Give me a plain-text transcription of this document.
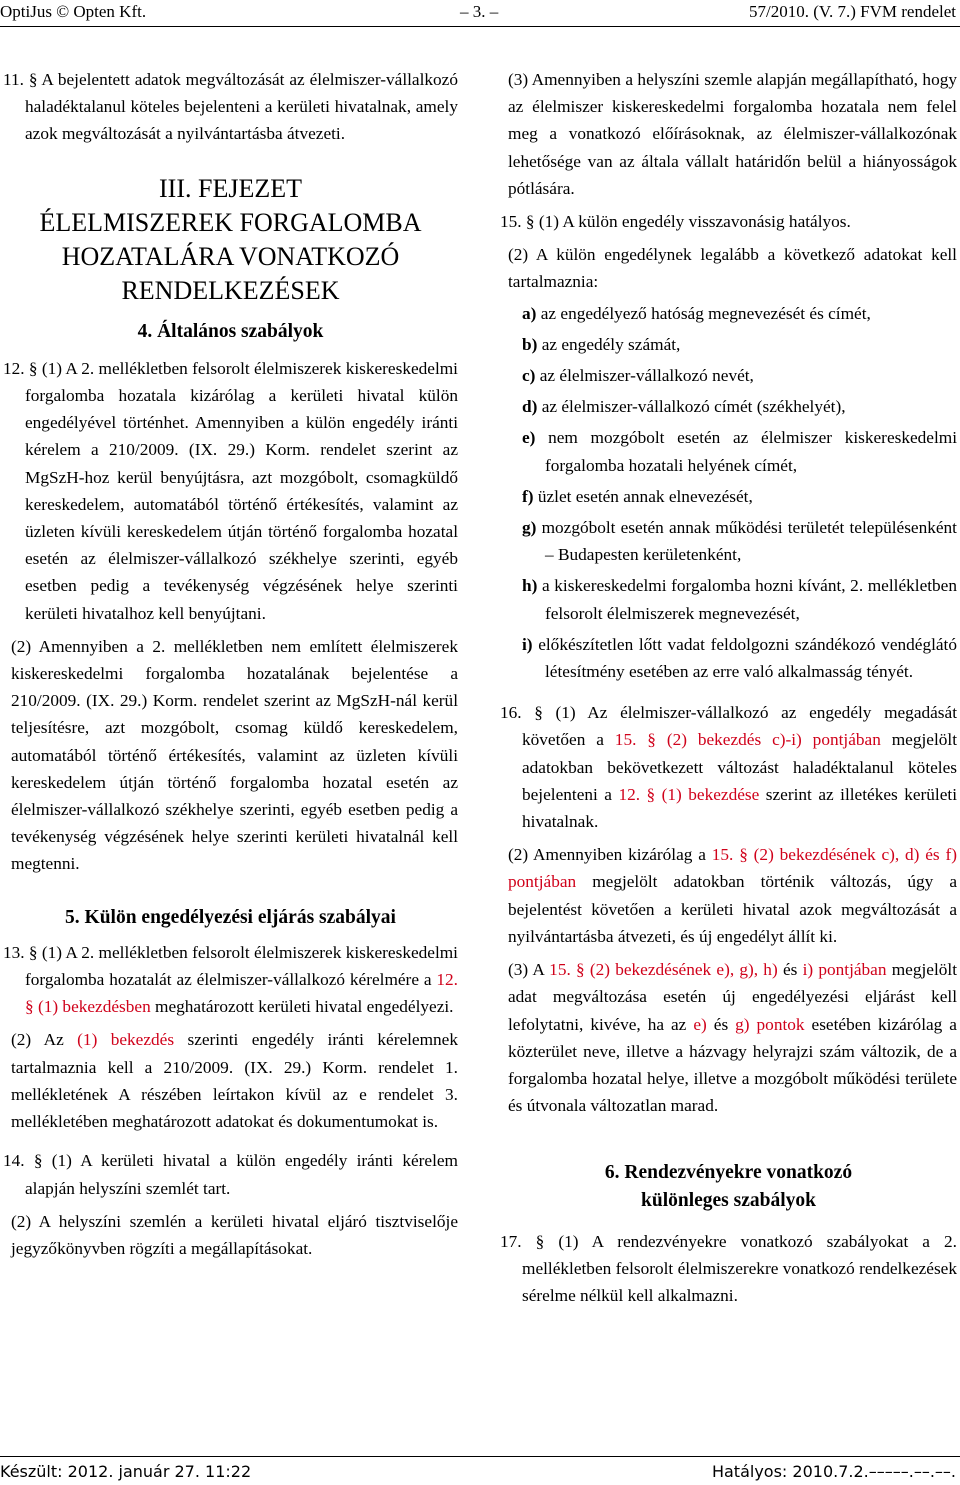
OptiJus © Opten Kft.	– 3. –	57/2010. (V. 7.) FVM rendelet

11. § A bejelentett adatok megváltozását az élelmiszer-vállalkozó haladéktalanul köteles bejelenteni a kerületi hivatalnak, amely azok megváltozását a nyilvántartásba átvezeti.

III. FEJEZET
ÉLELMISZEREK FORGALOMBA
HOZATALÁRA VONATKOZÓ
RENDELKEZÉSEK
4. Általános szabályok

12. § (1) A 2. mellékletben felsorolt élelmiszerek kiskereskedelmi forgalomba hozatala kizárólag a kerületi hivatal külön engedélyével történhet. Amennyiben a külön engedély iránti kérelem a 210/2009. (IX. 29.) Korm. rendelet szerint az MgSzH-hoz kerül benyújtásra, azt mozgóbolt, csomagküldő kereskedelem, automatából történő értékesítés, valamint az üzleten kívüli kereskedelem útján történő forgalomba hozatal esetén az élelmiszer-vállalkozó székhelye szerinti, egyéb esetben pedig a tevékenység végzésének helye szerinti kerületi hivatalhoz kell benyújtani.

(2) Amennyiben a 2. mellékletben nem említett élelmiszerek kiskereskedelmi forgalomba hozatalának bejelentése a 210/2009. (IX. 29.) Korm. rendelet szerint az MgSzH-nál kerül teljesítésre, azt mozgóbolt, csomag küldő kereskedelem, automatából történő értékesítés, valamint az üzleten kívüli kereskedelem útján történő forgalomba hozatal esetén az élelmiszer-vállalkozó székhelye szerinti, egyéb esetben pedig a tevékenység végzésének helye szerinti kerületi hivatalnál kell megtenni.

5. Külön engedélyezési eljárás szabályai

13. § (1) A 2. mellékletben felsorolt élelmiszerek kiskereskedelmi forgalomba hozatalát az élelmiszer-vállalkozó kérelmére a 12. § (1) bekezdésben meghatározott kerületi hivatal engedélyezi.

(2) Az (1) bekezdés szerinti engedély iránti kérelemnek tartalmaznia kell a 210/2009. (IX. 29.) Korm. rendelet 1. mellékletének A részében leírtakon kívül az e rendelet 3. mellékletében meghatározott adatokat és dokumentumokat is.

14. § (1) A kerületi hivatal a külön engedély iránti kérelem alapján helyszíni szemlét tart.

(2) A helyszíni szemlén a kerületi hivatal eljáró tisztviselője jegyzőkönyvben rögzíti a megállapításokat.

(3) Amennyiben a helyszíni szemle alapján megállapítható, hogy az élelmiszer kiskereskedelmi forgalomba hozatala nem felel meg a vonatkozó előírásoknak, az élelmiszer-vállalkozónak lehetősége van az általa vállalt határidőn belül a hiányosságok pótlására.

15. § (1) A külön engedély visszavonásig hatályos.

(2) A külön engedélynek legalább a következő adatokat kell tartalmaznia:

a) az engedélyező hatóság megnevezését és címét,

b) az engedély számát,

c) az élelmiszer-vállalkozó nevét,

d) az élelmiszer-vállalkozó címét (székhelyét),

e) nem mozgóbolt esetén az élelmiszer kiskereskedelmi forgalomba hozatali helyének címét,

f) üzlet esetén annak elnevezését,

g) mozgóbolt esetén annak működési területét településenként – Budapesten kerületenként,

h) a kiskereskedelmi forgalomba hozni kívánt, 2. mellékletben felsorolt élelmiszerek megnevezését,

i) előkészítetlen lőtt vadat feldolgozni szándékozó vendéglátó létesítmény esetében az erre való alkalmasság tényét.

16. § (1) Az élelmiszer-vállalkozó az engedély megadását követően a 15. § (2) bekezdés c)-i) pontjában megjelölt adatokban bekövetkezett változást haladéktalanul köteles bejelenteni a 12. § (1) bekezdése szerint az illetékes kerületi hivatalnak.

(2) Amennyiben kizárólag a 15. § (2) bekezdésének c), d) és f) pontjában megjelölt adatokban történik változás, úgy a bejelentést követően a kerületi hivatal azok megváltozását a nyilvántartásba átvezeti, és új engedélyt állít ki.

(3) A 15. § (2) bekezdésének e), g), h) és i) pontjában megjelölt adat megváltozása esetén új engedélyezési eljárást kell lefolytatni, kivéve, ha az e) és g) pontok esetében kizárólag a közterület neve, illetve a házvagy helyrajzi szám változik, de a forgalomba hozatal helye, illetve a mozgóbolt működési területe és útvonala változatlan marad.

6. Rendezvényekre vonatkozó különleges szabályok

17. § (1) A rendezvényekre vonatkozó szabályokat a 2. mellékletben felsorolt élelmiszerekre vonatkozó rendelkezések sérelme nélkül kell alkalmazni.

Készült: 2012. január 27. 11:22	Hatályos: 2010.7.2.–––––.––.––.
